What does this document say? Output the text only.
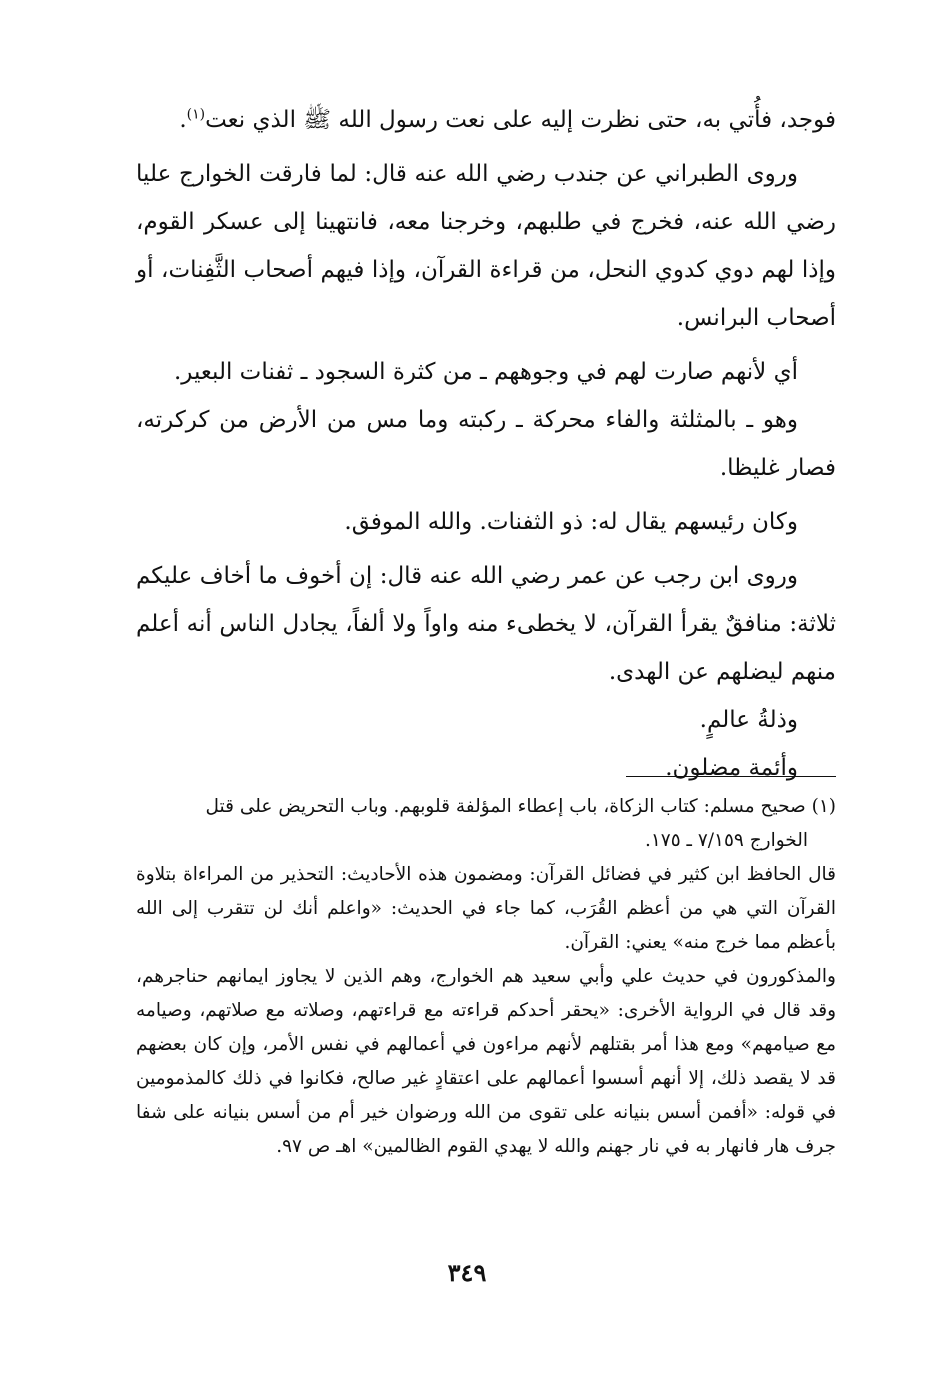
فوجد، فأُتي به، حتى نظرت إليه على نعت رسول الله ﷺ الذي نعت$^{(١)}$.

وروى الطبراني عن جندب رضي الله عنه قال: لما فارقت الخوارج عليا رضي الله عنه، فخرج في طلبهم، وخرجنا معه، فانتهينا إلى عسكر القوم، وإذا لهم دوي كدوي النحل، من قراءة القرآن، وإذا فيهم أصحاب الثَّفِنات، أو أصحاب البرانس.

أي لأنهم صارت لهم في وجوههم ـ من كثرة السجود ـ ثفنات البعير.

وهو ـ بالمثلثة والفاء محركة ـ ركبته وما مس من الأرض من كركرته، فصار غليظا.

وكان رئيسهم يقال له: ذو الثفنات. والله الموفق.

وروى ابن رجب عن عمر رضي الله عنه قال: إن أخوف ما أخاف عليكم ثلاثة: منافقٌ يقرأ القرآن، لا يخطىء منه واواً ولا ألفاً، يجادل الناس أنه أعلم منهم ليضلهم عن الهدى.

وذلةُ عالمٍ.

وأئمة مضلون.

(١) صحيح مسلم: كتاب الزكاة، باب إعطاء المؤلفة قلوبهم. وباب التحريض على قتل

الخوارج ٧/١٥٩ ـ ١٧٥.

قال الحافظ ابن كثير في فضائل القرآن: ومضمون هذه الأحاديث: التحذير من المراءاة بتلاوة القرآن التي هي من أعظم القُرَب، كما جاء في الحديث: «واعلم أنك لن تتقرب إلى الله بأعظم مما خرج منه» يعني: القرآن.

والمذكورون في حديث علي وأبي سعيد هم الخوارج، وهم الذين لا يجاوز ايمانهم حناجرهم، وقد قال في الرواية الأخرى: «يحقر أحدكم قراءته مع قراءتهم، وصلاته مع صلاتهم، وصيامه مع صيامهم» ومع هذا أمر بقتلهم لأنهم مراءون في أعمالهم في نفس الأمر، وإن كان بعضهم قد لا يقصد ذلك، إلا أنهم أسسوا أعمالهم على اعتقادٍ غير صالح، فكانوا في ذلك كالمذمومين في قوله: «أفمن أسس بنيانه على تقوى من الله ورضوان خير أم من أسس بنيانه على شفا جرف هار فانهار به في نار جهنم والله لا يهدي القوم الظالمين» اهـ ص ٩٧.

٣٤٩
